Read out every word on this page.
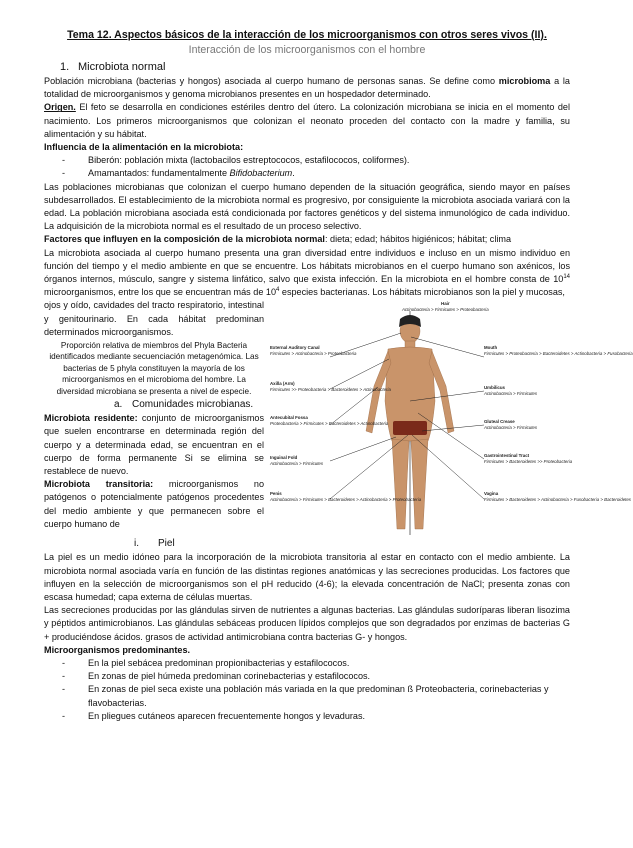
Tema 12. Aspectos básicos de la interacción de los microorganismos con otros seres vivos (II). Interacción de los microorganismos con el hombre
1. Microbiota normal

Población microbiana (bacterias y hongos) asociada al cuerpo humano de personas sanas. Se define como microbioma a la totalidad de microorganismos y genoma microbianos presentes en un hospedador determinado.

Origen. El feto se desarrolla en condiciones estériles dentro del útero. La colonización microbiana se inicia en el momento del nacimiento. Los primeros microorganismos que colonizan el neonato proceden del contacto con la madre y familia, su alimentación y su hábitat.

Influencia de la alimentación en la microbiota:

- Biberón: población mixta (lactobacilos estreptococos, estafilococos, coliformes).
- Amamantados: fundamentalmente Bifidobacterium.

Las poblaciones microbianas que colonizan el cuerpo humano dependen de la situación geográfica, siendo mayor en países subdesarrollados. El establecimiento de la microbiota normal es progresivo, por consiguiente la microbiota asociada variará con la edad. La población microbiana asociada está condicionada por factores genéticos y del sistema inmunológico de cada individuo. La adquisición de la microbiota normal es el resultado de un proceso selectivo.

Factores que influyen en la composición de la microbiota normal: dieta; edad; hábitos higiénicos; hábitat; clima

La microbiota asociada al cuerpo humano presenta una gran diversidad entre individuos e incluso en un mismo individuo en función del tiempo y el medio ambiente en que se encuentre. Los hábitats microbianos en el cuerpo humano son axénicos, los órganos internos, músculo, sangre y sistema linfático, salvo que exista infección. En la microbiota en el hombre consta de $10^{14}$ microorganismos, entre los que se encuentran más de $10^4$ especies bacterianas. Los hábitats microbianos son la piel y mucosas,

ojos y oído, cavidades del tracto respiratorio, intestinal y genitourinario. En cada hábitat predominan determinados microorganismos.

Proporción relativa de miembros del Phyla Bacteria identificados mediante secuenciación metagenómica. Las bacterias de 5 phyla constituyen la mayoría de los microorganismos en el microbioma del hombre. La diversidad microbiana se presenta a nivel de especie.

a. Comunidades microbianas.

Microbiota residente: conjunto de microorganismos que suelen encontrarse en determinada región del cuerpo y a determinada edad, se encuentran en el cuerpo de forma permanente Si se elimina se restablece de nuevo.

Microbiota transitoria: microorganismos no patógenos o potencialmente patógenos procedentes del medio ambiente y que permanecen sobre el cuerpo humano de

Hair
Actinobacteria > Firmicutes > Proteobacteria
External Auditory Canal
Firmicutes > Actinobacteria > Proteobacteria
Mouth
Firmicutes > Proteobacteria > Bacteroidetes > Actinobacteria > Fusobacteria
Axilla (Arm)
Firmicutes >> Proteobacteria > Bacteroidetes > Actinobacteria	Umbilicus
Actinobacteria > Firmicutes
Antecubital Fossa
Proteobacteria > Firmicutes > Bacteroidetes > Actinobacteria	Gluteal Crease
Actinobacteria > Firmicutes
Inguinal Fold
Actinobacteria > Firmicutes
Gastrointestinal Tract
Firmicutes > Bacteroidetes >> Proteobacteria
Penis
Actinobacteria > Firmicutes > Bacteroidetes > Actinobacteria > Proteobacteria
Vagina
Firmicutes > Bacteroidetes > Actinobacteria > Fusobacteria > Bacteroidetes
i. Piel

La piel es un medio idóneo para la incorporación de la microbiota transitoria al estar en contacto con el medio ambiente. La microbiota normal asociada varía en función de las distintas regiones anatómicas y las secreciones producidas. Los factores que influyen en la selección de microorganismos son el pH reducido (4-6); la elevada concentración de NaCl; presenta zonas con escasa humedad; capa externa de células muertas.

Las secreciones producidas por las glándulas sirven de nutrientes a algunas bacterias. Las glándulas sudoríparas liberan lisozima y péptidos antimicrobianos. Las glándulas sebáceas producen lípidos complejos que son degradados por enzimas de bacterias G + produciéndose ácidos. grasos de actividad antimicrobiana contra bacterias G- y hongos.

Microorganismos predominantes.

- En la piel sebácea predominan propionibacterias y estafilococos.
- En zonas de piel húmeda predominan corinebacterias y estafilococos.
- En zonas de piel seca existe una población más variada en la que predominan ß Proteobacteria, corinebacterias y flavobacterias.
- En pliegues cutáneos aparecen frecuentemente hongos y levaduras.
